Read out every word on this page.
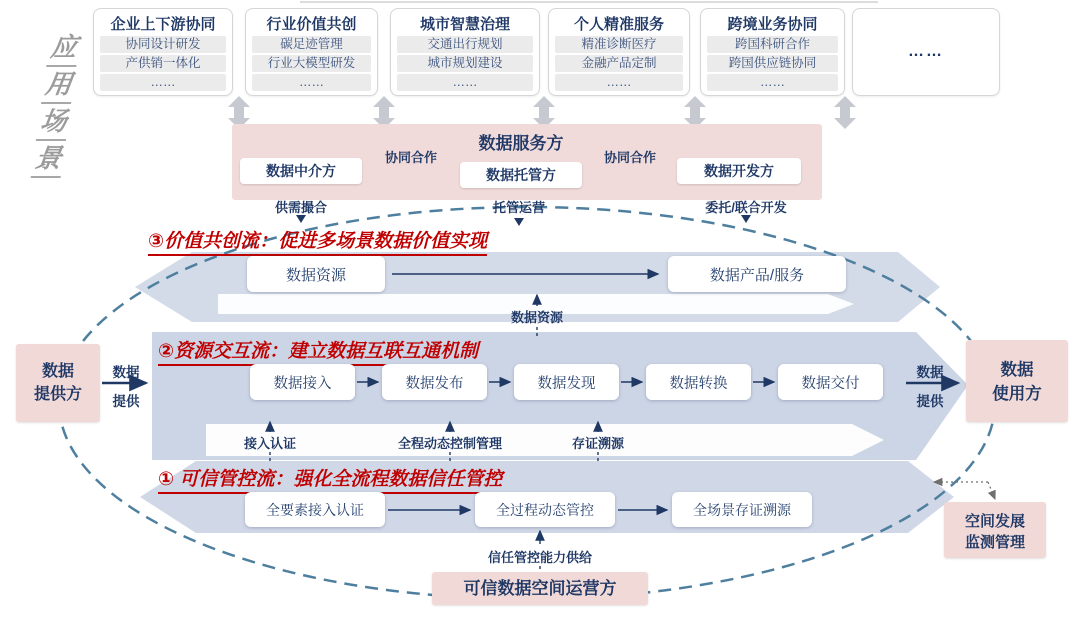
应
用
场
景
企业上下游协同
协同设计研发
产供销一体化
……
行业价值共创
碳足迹管理
行业大模型研发
……
城市智慧治理
交通出行规划
城市规划建设
……
个人精准服务
精准诊断医疗
金融产品定制
……
跨境业务协同
跨国科研合作
跨国供应链协同
……
……
数据服务方
数据中介方	数据托管方	数据开发方
协同合作	协同合作
供需撮合	托管运营	委托/联合开发
③价值共创流：促进多场景数据价值实现
数据资源	数据产品/服务
数据资源
②资源交互流：建立数据互联互通机制
数据接入	数据发布	数据发现	数据转换	数据交付
接入认证	全程动态控制管理	存证溯源
① 可信管控流：强化全流程数据信任管控
全要素接入认证	全过程动态管控	全场景存证溯源
信任管控能力供给
可信数据空间运营方
数据
提供方
数据
提供
数据
使用方
数据
提供
空间发展
监测管理
